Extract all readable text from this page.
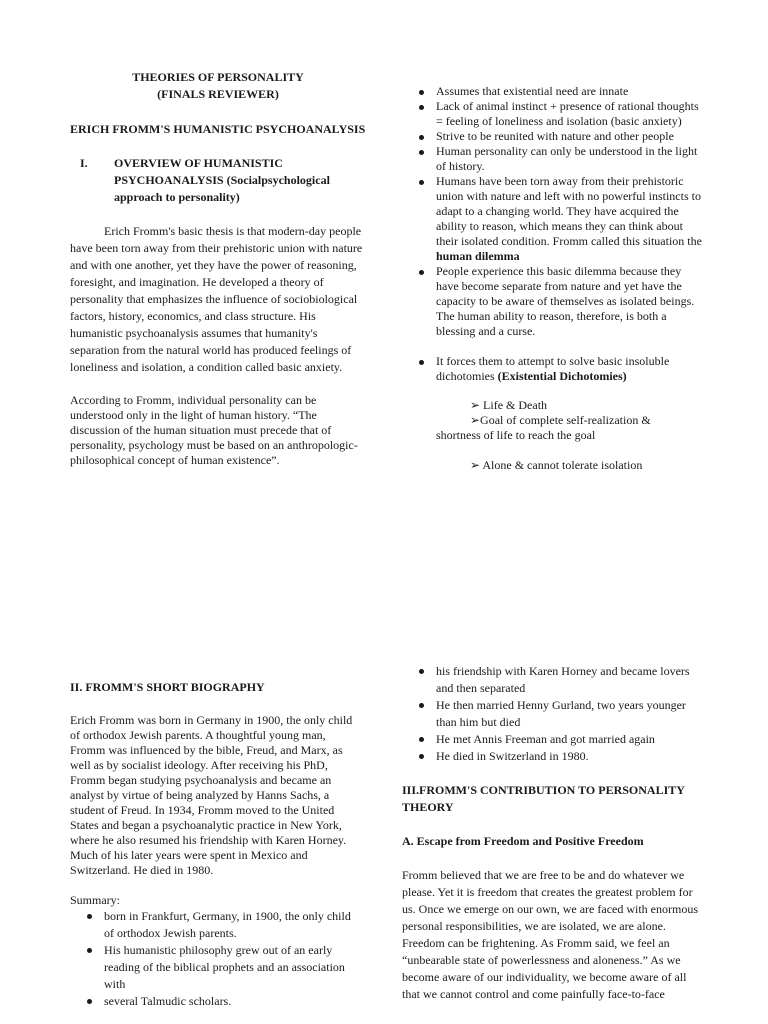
THEORIES OF PERSONALITY

(FINALS REVIEWER)

ERICH FROMM'S HUMANISTIC PSYCHOANALYSIS

I.	OVERVIEW OF HUMANISTIC PSYCHOANALYSIS (Socialpsychological approach to personality)

Erich Fromm's basic thesis is that modern-day people have been torn away from their prehistoric union with nature and with one another, yet they have the power of reasoning, foresight, and imagination. He developed a theory of personality that emphasizes the influence of sociobiological factors, history, economics, and class structure. His humanistic psychoanalysis assumes that humanity's separation from the natural world has produced feelings of loneliness and isolation, a condition called basic anxiety.

According to Fromm, individual personality can be understood only in the light of human history. “The discussion of the human situation must precede that of personality, psychology must be based on an anthropologic- philosophical concept of human existence”.

Assumes that existential need are innate
Lack of animal instinct + presence of rational thoughts = feeling of loneliness and isolation (basic anxiety)
Strive to be reunited with nature and other people
Human personality can only be understood in the light of history.
Humans have been torn away from their prehistoric union with nature and left with no powerful instincts to adapt to a changing world. They have acquired the ability to reason, which means they can think about their isolated condition. Fromm called this situation the human dilemma
People experience this basic dilemma because they have become separate from nature and yet have the capacity to be aware of themselves as isolated beings. The human ability to reason, therefore, is both a blessing and a curse.
It forces them to attempt to solve basic insoluble dichotomies (Existential Dichotomies)

➢ Life & Death

➢Goal of complete self-realization &

shortness of life to reach the goal

➢ Alone & cannot tolerate isolation

II. FROMM'S SHORT BIOGRAPHY

Erich Fromm was born in Germany in 1900, the only child of orthodox Jewish parents. A thoughtful young man, Fromm was influenced by the bible, Freud, and Marx, as well as by socialist ideology. After receiving his PhD, Fromm began studying psychoanalysis and became an analyst by virtue of being analyzed by Hanns Sachs, a student of Freud. In 1934, Fromm moved to the United States and began a psychoanalytic practice in New York, where he also resumed his friendship with Karen Horney. Much of his later years were spent in Mexico and Switzerland. He died in 1980.

Summary:

born in Frankfurt, Germany, in 1900, the only child of orthodox Jewish parents.
His humanistic philosophy grew out of an early reading of the biblical prophets and an association with
several Talmudic scholars.
his friendship with Karen Horney and became lovers and then separated
He then married Henny Gurland, two years younger than him but died
He met Annis Freeman and got married again
He died in Switzerland in 1980.

III.FROMM'S CONTRIBUTION TO PERSONALITY THEORY

A. Escape from Freedom and Positive Freedom

Fromm believed that we are free to be and do whatever we please. Yet it is freedom that creates the greatest problem for us. Once we emerge on our own, we are faced with enormous personal responsibilities, we are isolated, we are alone. Freedom can be frightening. As Fromm said, we feel an “unbearable state of powerlessness and aloneness.” As we become aware of our individuality, we become aware of all that we cannot control and come painfully face-to-face
